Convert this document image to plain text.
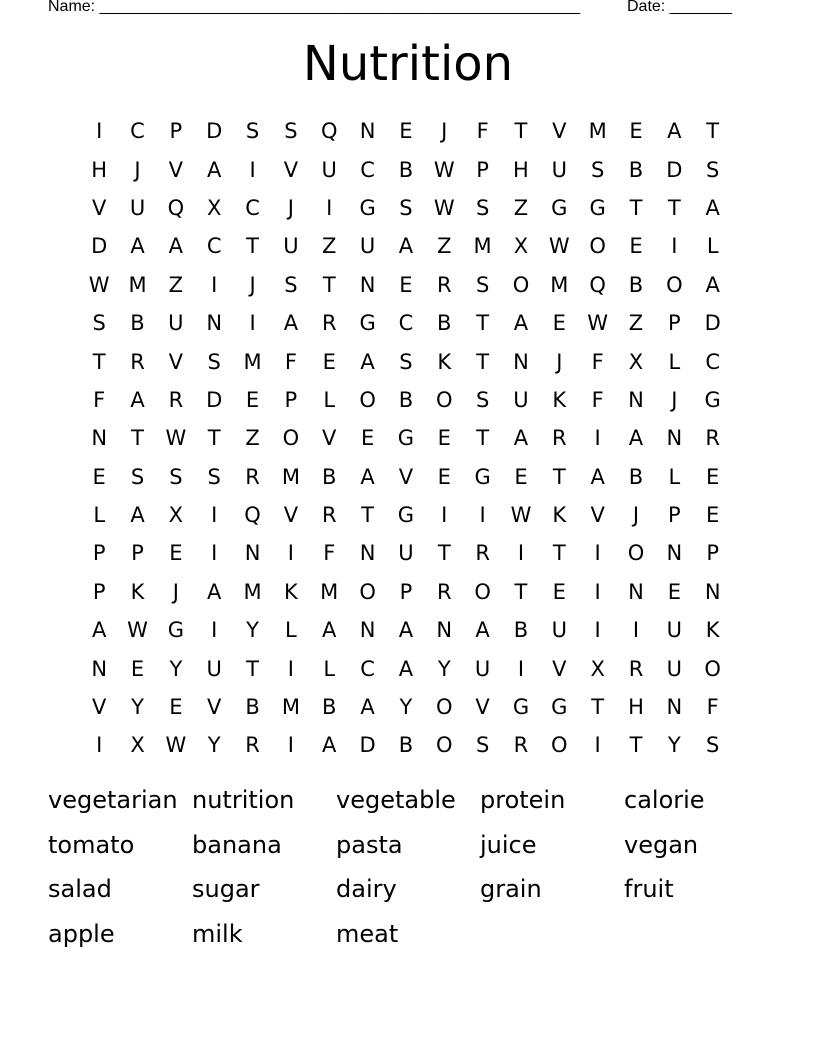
Name: ______________________________________________________	Date: _______
Nutrition
I	C	P	D	S	S	Q	N	E	J	F	T	V	M	E	A	T
H	J	V	A	I	V	U	C	B W	P	H	U	S	B	D	S
V	U	Q	X	C	J	I	G	S	W	S	Z	G	G	T	T	A
D	A	A	C	T	U	Z	U	A	Z	M	X W O	E	I	L
W M	Z	I	J	S	T	N	E	R	S	O	M	Q	B	O	A
S	B	U	N	I	A	R	G	C	B	T	A	E	W Z	P	D
T	R	V	S	M	F	E	A	S	K	T	N	J	F	X	L	C
F	A	R	D	E	P	L	O	B	O	S	U	K	F	N	J	G
N	T	W	T	Z	O	V	E	G	E	T	A	R	I	A	N	R
E	S	S	S	R	M	B	A	V	E	G	E	T	A	B	L	E
L	A	X	I	Q	V	R	T	G	I	I	W	K	V	J	P	E
P	P	E	I	N	I	F	N	U	T	R	I	T	I	O	N	P
P	K	J	A	M	K	M	O	P	R	O	T	E	I	N	E	N
A W G	I	Y	L	A	N	A	N	A	B	U	I	I	U	K
N	E	Y	U	T	I	L	C	A	Y	U	I	V	X	R	U	O
V	Y	E	V	B	M	B	A	Y	O	V	G	G	T	H	N	F
I	X W	Y	R	I	A	D	B	O	S	R	O	I	T	Y	S
vegetarian nutrition	vegetable	protein	calorie
tomato	banana	pasta	juice	vegan
salad	sugar	dairy	grain	fruit
apple	milk	meat
